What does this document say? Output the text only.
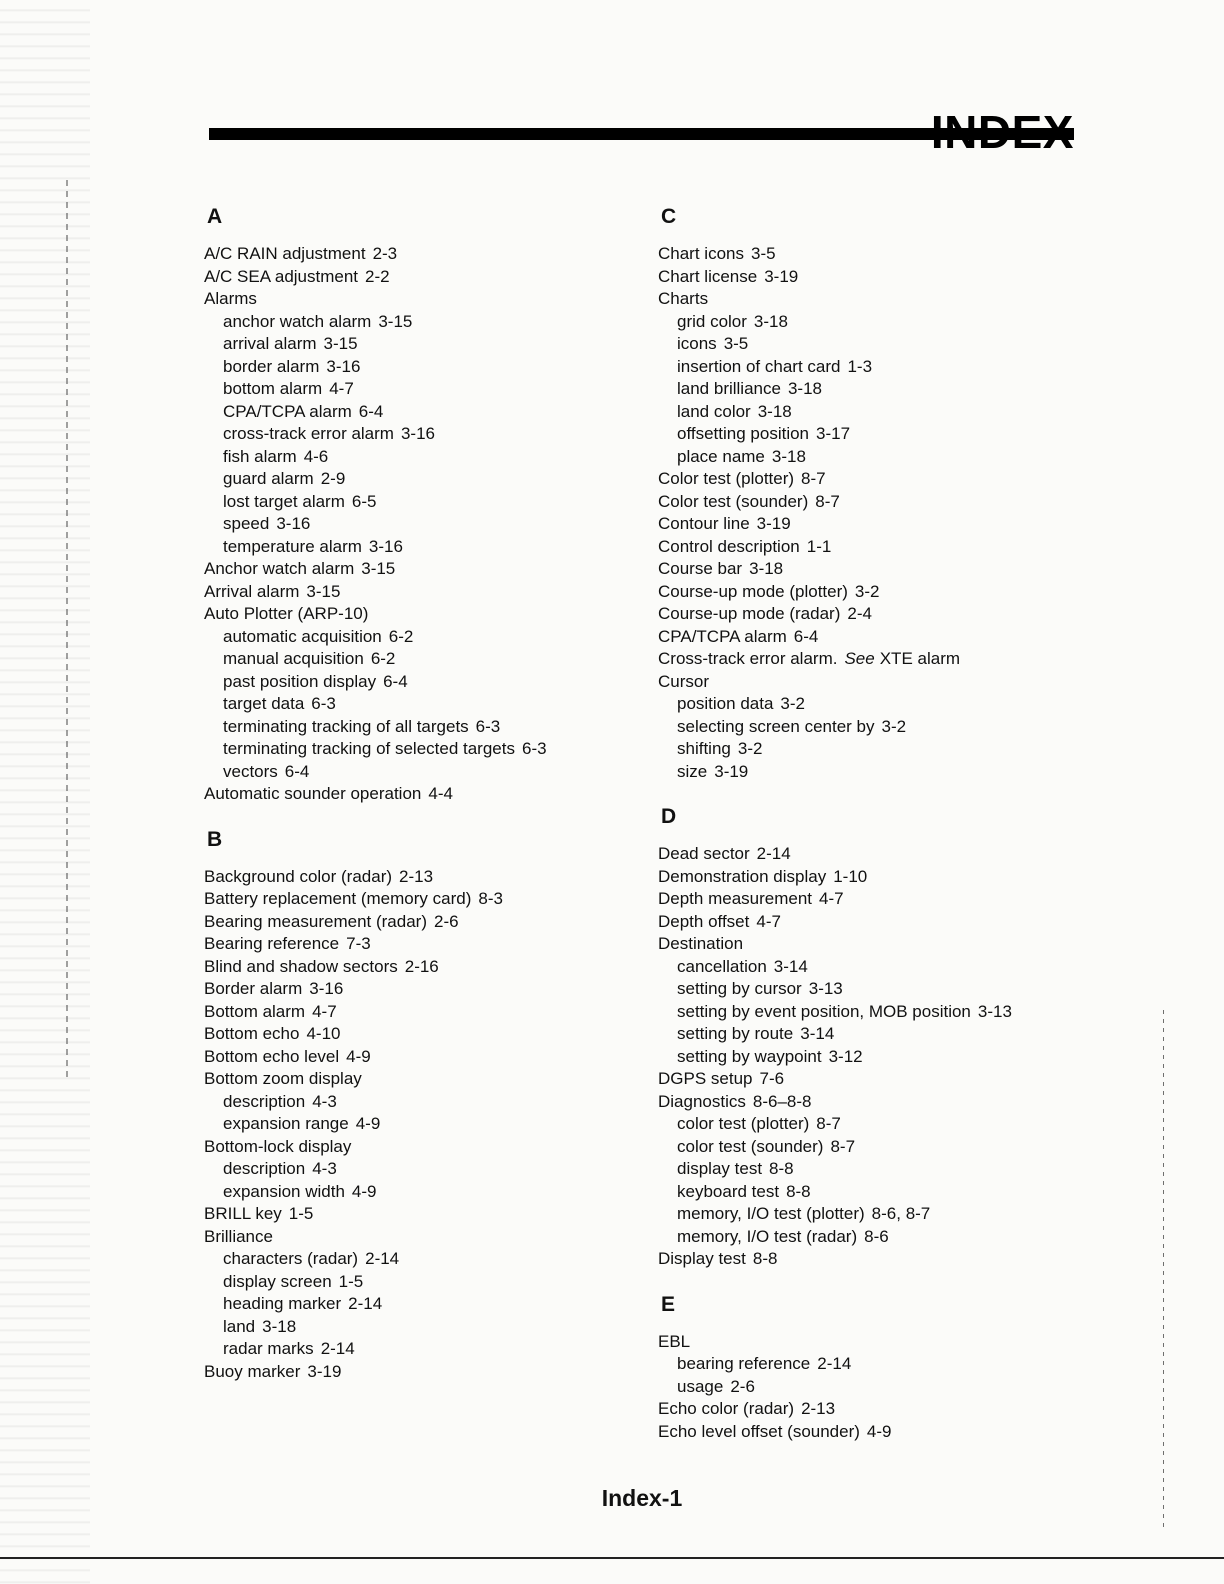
A
A/C RAIN adjustment 2-3
A/C SEA adjustment 2-2
Alarms
anchor watch alarm 3-15
arrival alarm 3-15
border alarm 3-16
bottom alarm 4-7
CPA/TCPA alarm 6-4
cross-track error alarm 3-16
fish alarm 4-6
guard alarm 2-9
lost target alarm 6-5
speed 3-16
temperature alarm 3-16
Anchor watch alarm 3-15
Arrival alarm 3-15
Auto Plotter (ARP-10)
automatic acquisition 6-2
manual acquisition 6-2
past position display 6-4
target data 6-3
terminating tracking of all targets 6-3
terminating tracking of selected targets 6-3
vectors 6-4
Automatic sounder operation 4-4
B
Background color (radar) 2-13
Battery replacement (memory card) 8-3
Bearing measurement (radar) 2-6
Bearing reference 7-3
Blind and shadow sectors 2-16
Border alarm 3-16
Bottom alarm 4-7
Bottom echo 4-10
Bottom echo level 4-9
Bottom zoom display
description 4-3
expansion range 4-9
Bottom-lock display
description 4-3
expansion width 4-9
BRILL key 1-5
Brilliance
characters (radar) 2-14
display screen 1-5
heading marker 2-14
land 3-18
radar marks 2-14
Buoy marker 3-19
C
Chart icons 3-5
Chart license 3-19
Charts
grid color 3-18
icons 3-5
insertion of chart card 1-3
land brilliance 3-18
land color 3-18
offsetting position 3-17
place name 3-18
Color test (plotter) 8-7
Color test (sounder) 8-7
Contour line 3-19
Control description 1-1
Course bar 3-18
Course-up mode (plotter) 3-2
Course-up mode (radar) 2-4
CPA/TCPA alarm 6-4
Cross-track error alarm. See XTE alarm
Cursor
position data 3-2
selecting screen center by 3-2
shifting 3-2
size 3-19
D
Dead sector 2-14
Demonstration display 1-10
Depth measurement 4-7
Depth offset 4-7
Destination
cancellation 3-14
setting by cursor 3-13
setting by event position, MOB position 3-13
setting by route 3-14
setting by waypoint 3-12
DGPS setup 7-6
Diagnostics 8-6–8-8
color test (plotter) 8-7
color test (sounder) 8-7
display test 8-8
keyboard test 8-8
memory, I/O test (plotter) 8-6, 8-7
memory, I/O test (radar) 8-6
Display test 8-8
E
EBL
bearing reference 2-14
usage 2-6
Echo color (radar) 2-13
Echo level offset (sounder) 4-9
Index-1
